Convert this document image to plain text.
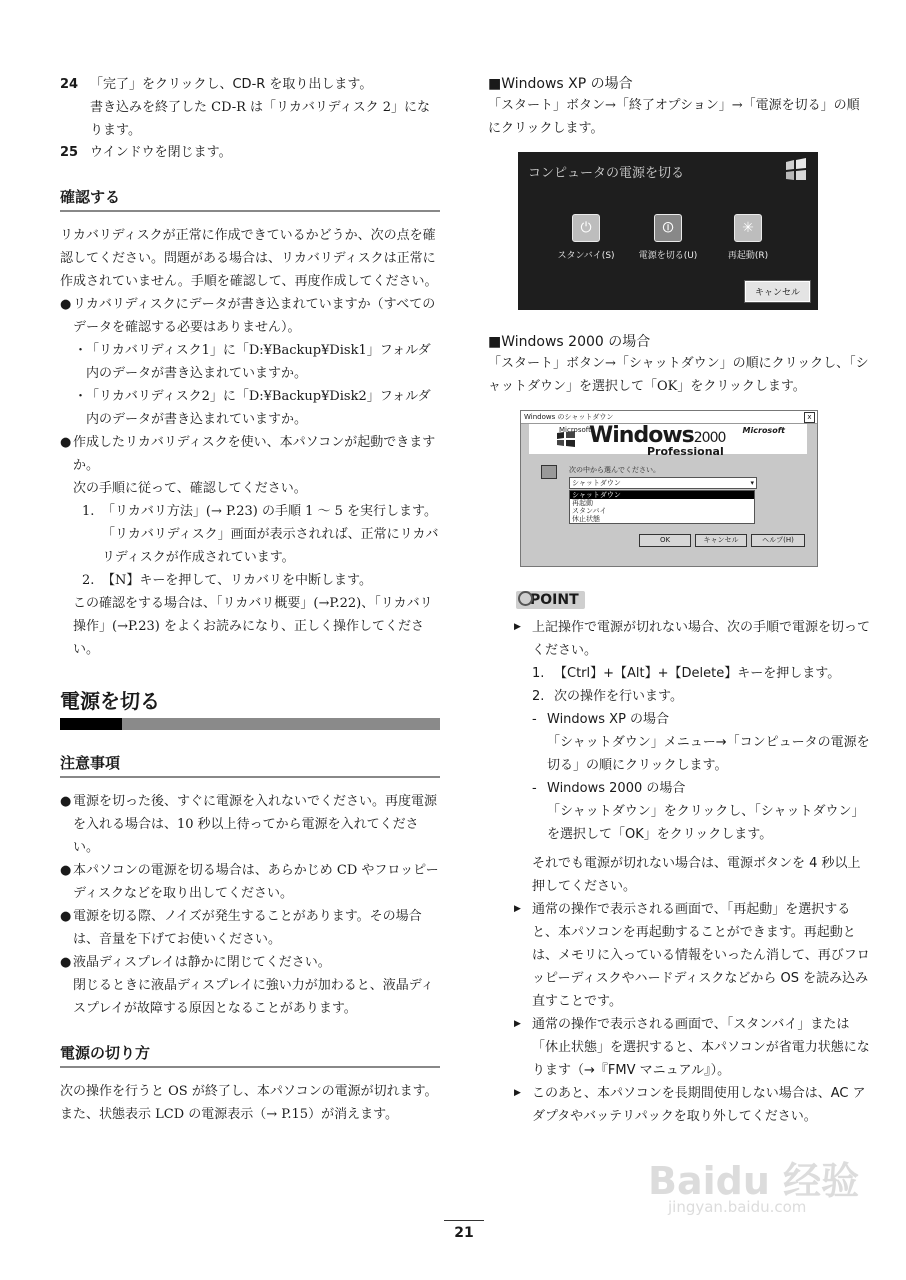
24 「完了」をクリックし、CD-R を取り出します。

書き込みを終了した CD-R は「リカバリディスク 2」になります。

25 ウインドウを閉じます。
確認する

リカバリディスクが正常に作成できているかどうか、次の点を確認してください。問題がある場合は、リカバリディスクは正常に作成されていません。手順を確認して、再度作成してください。

● リカバリディスクにデータが書き込まれていますか（すべてのデータを確認する必要はありません）。
・
「リカバリディスク1」に「D:¥Backup¥Disk1」フォルダ内のデータが書き込まれていますか。
・
「リカバリディスク2」に「D:¥Backup¥Disk2」フォルダ内のデータが書き込まれていますか。
● 作成したリカバリディスクを使い、本パソコンが起動できますか。

次の手順に従って、確認してください。

1. 「リカバリ方法」(→ P.23) の手順 1 〜 5 を実行します。「リカバリディスク」画面が表示されれば、正常にリカバリディスクが作成されています。
2. 【N】キーを押して、リカバリを中断します。

この確認をする場合は、「リカバリ概要」(→P.22)、「リカバリ操作」(→P.23) をよくお読みになり、正しく操作してください。

電源を切る
注意事項
● 電源を切った後、すぐに電源を入れないでください。再度電源を入れる場合は、10 秒以上待ってから電源を入れてください。
● 本パソコンの電源を切る場合は、あらかじめ CD やフロッピーディスクなどを取り出してください。
● 電源を切る際、ノイズが発生することがあります。その場合は、音量を下げてお使いください。
● 液晶ディスプレイは静かに閉じてください。

閉じるときに液晶ディスプレイに強い力が加わると、液晶ディスプレイが故障する原因となることがあります。

電源の切り方

次の操作を行うと OS が終了し、本パソコンの電源が切れます。また、状態表示 LCD の電源表示（→ P.15）が消えます。

■Windows XP の場合

「スタート」ボタン→「終了オプション」→「電源を切る」の順にクリックします。

コンピュータの電源を切る
⏻
スタンバイ(S)
⏼
電源を切る(U)
✳
再起動(R)
キャンセル

■Windows 2000 の場合

「スタート」ボタン→「シャットダウン」の順にクリックし、「シャットダウン」を選択して「OK」をクリックします。

Windows のシャットダウン	x
Microsoft
Windows2000
Professional
Microsoft
次の中から選んでください。
シャットダウン	▾
シャットダウン
再起動
スタンバイ
休止状態
OK	キャンセル	ヘルプ(H)
POINT
▶ 上記操作で電源が切れない場合、次の手順で電源を切ってください。
1. 【Ctrl】+【Alt】+【Delete】キーを押します。
2. 次の操作を行います。
- Windows XP の場合
「シャットダウン」メニュー→「コンピュータの電源を切る」の順にクリックします。
- Windows 2000 の場合
「シャットダウン」をクリックし、「シャットダウン」を選択して「OK」をクリックします。
それでも電源が切れない場合は、電源ボタンを 4 秒以上押してください。
▶ 通常の操作で表示される画面で、「再起動」を選択すると、本パソコンを再起動することができます。再起動とは、メモリに入っている情報をいったん消して、再びフロッピーディスクやハードディスクなどから OS を読み込み直すことです。
▶ 通常の操作で表示される画面で、「スタンバイ」または「休止状態」を選択すると、本パソコンが省電力状態になります（→『FMV マニュアル』）。
▶ このあと、本パソコンを長期間使用しない場合は、AC アダプタやバッテリパックを取り外してください。
Baidu 经验
jingyan.baidu.com
21
